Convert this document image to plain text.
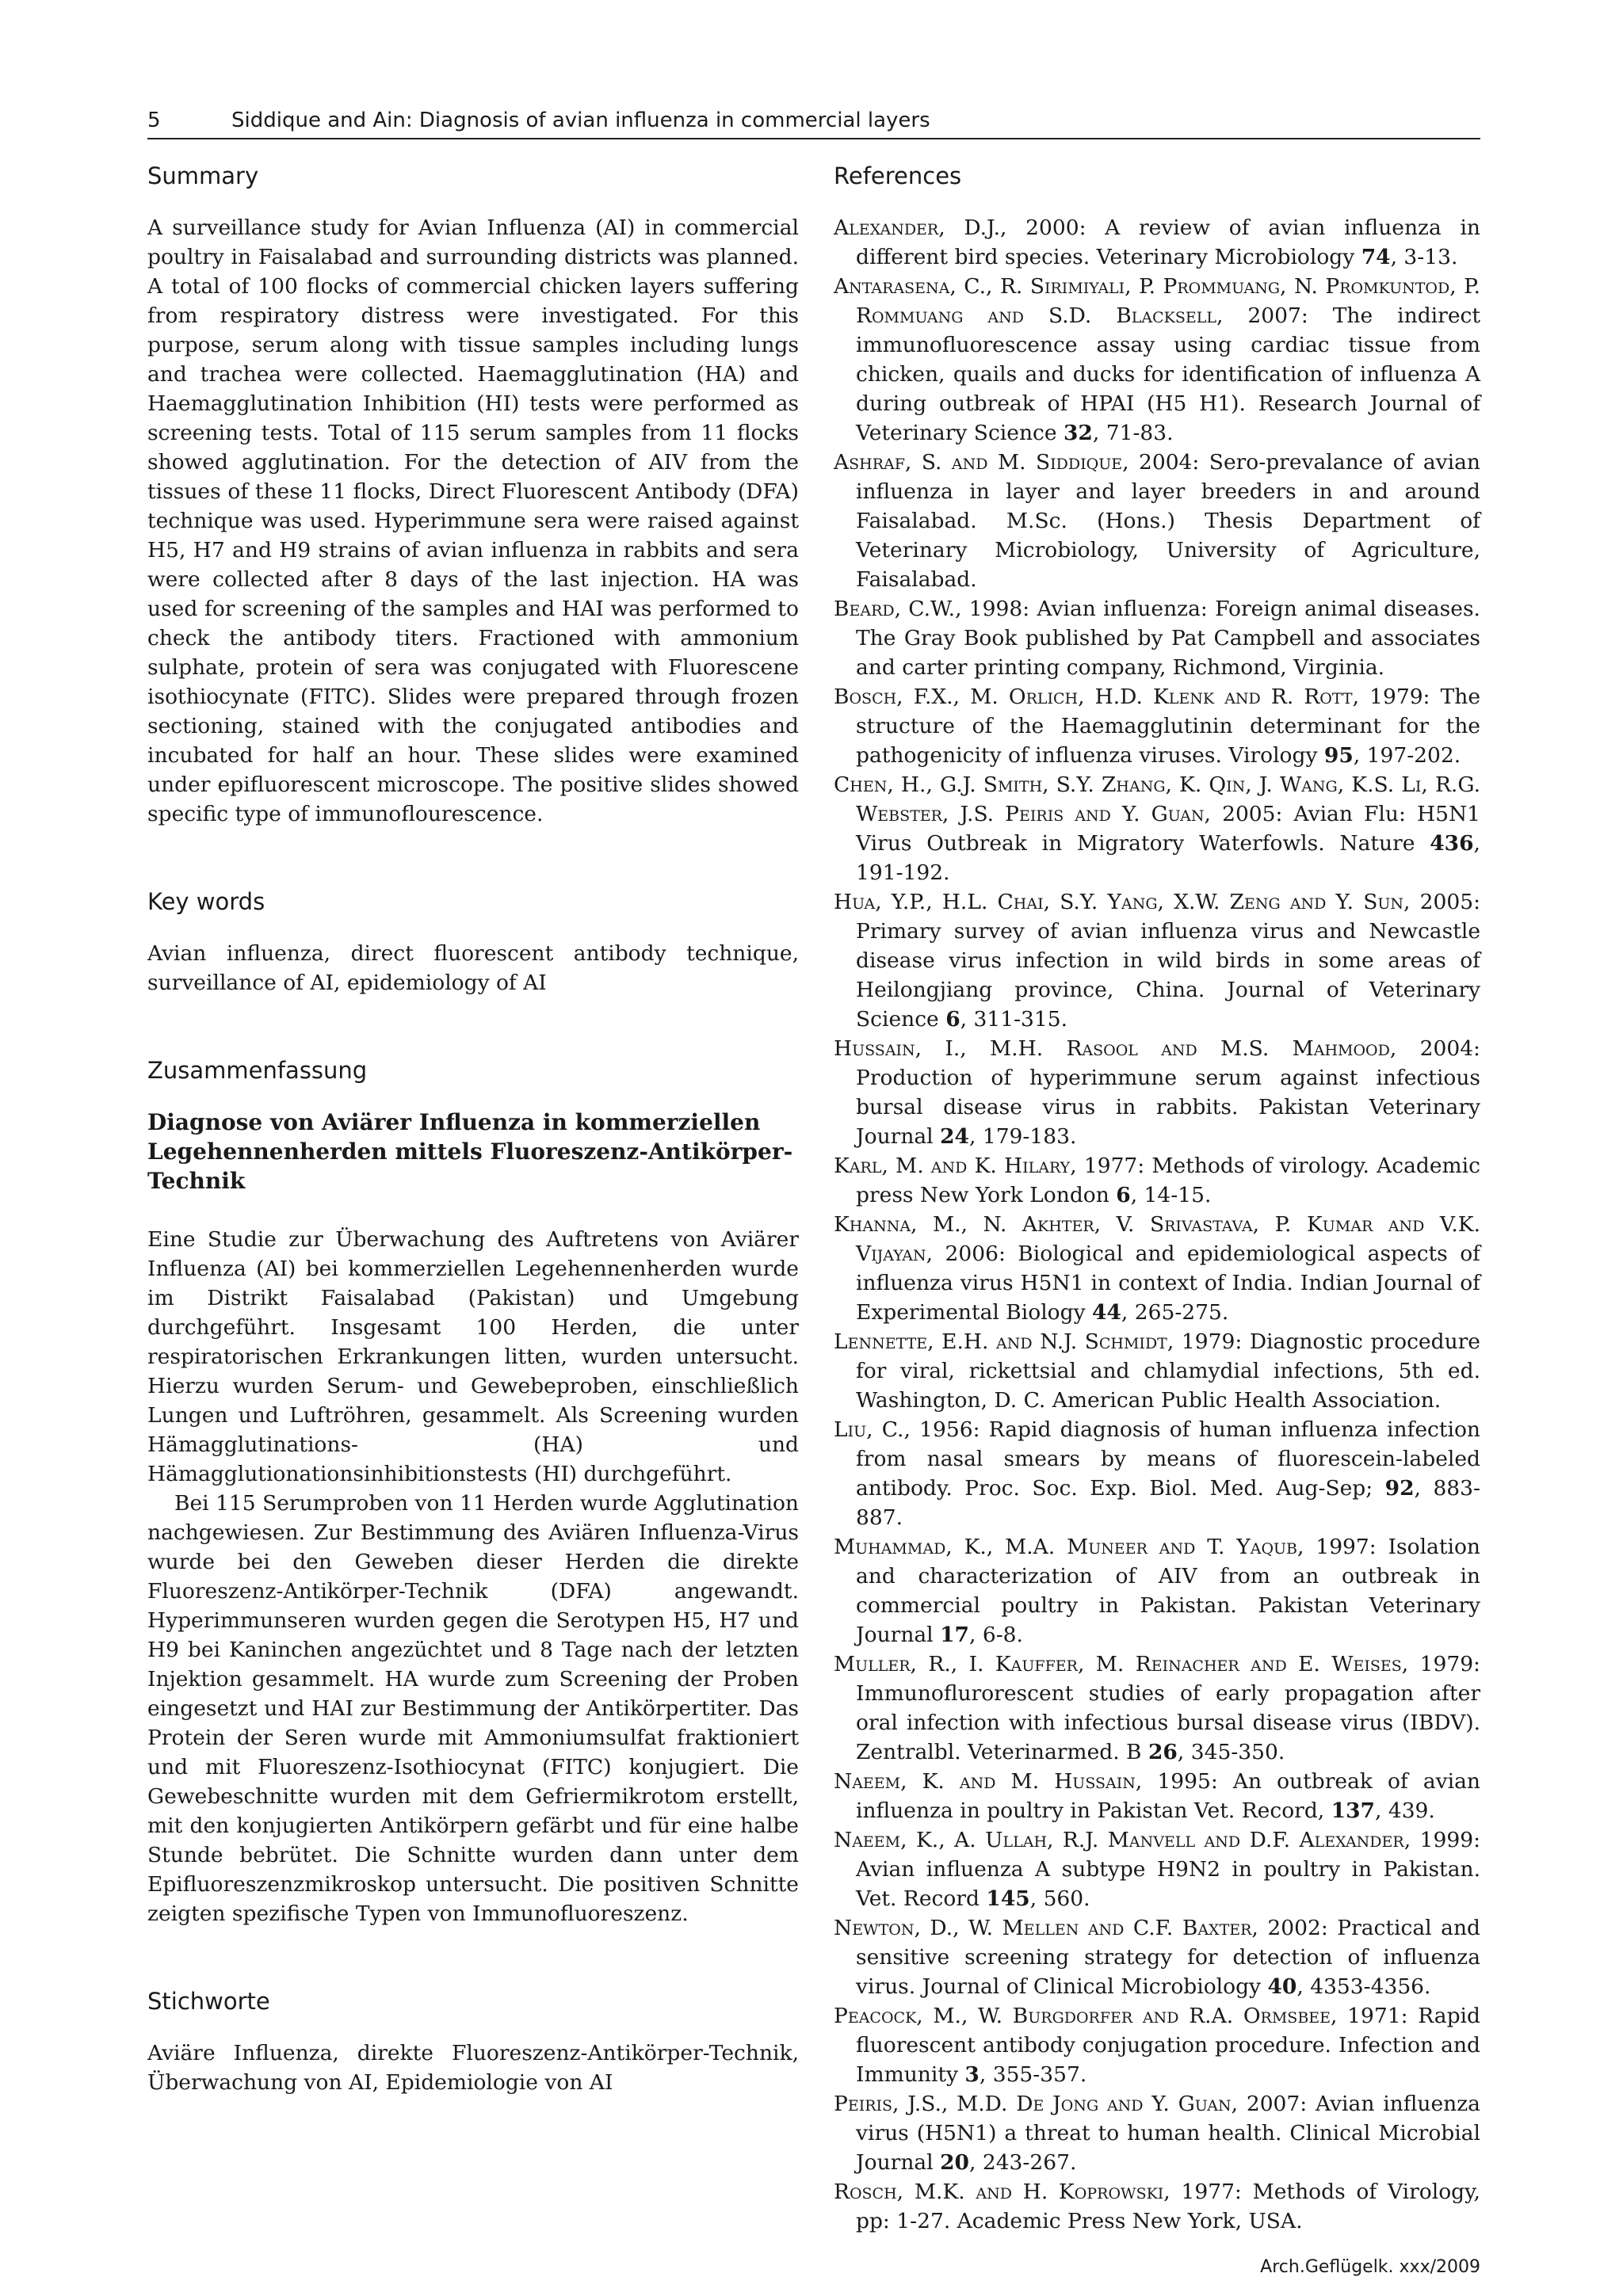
5	Siddique and Ain: Diagnosis of avian influenza in commercial layers
Summary

A surveillance study for Avian Influenza (AI) in commercial poultry in Faisalabad and surrounding districts was planned. A total of 100 flocks of commercial chicken layers suffering from respiratory distress were investigated. For this purpose, serum along with tissue samples including lungs and trachea were collected. Haemagglutination (HA) and Haemagglutination Inhibition (HI) tests were performed as screening tests. Total of 115 serum samples from 11 flocks showed agglutination. For the detection of AIV from the tissues of these 11 flocks, Direct Fluorescent Antibody (DFA) technique was used. Hyperimmune sera were raised against H5, H7 and H9 strains of avian influenza in rabbits and sera were collected after 8 days of the last injection. HA was used for screening of the samples and HAI was performed to check the antibody titers. Fractioned with ammonium sulphate, protein of sera was conjugated with Fluorescene isothiocynate (FITC). Slides were prepared through frozen sectioning, stained with the conjugated antibodies and incubated for half an hour. These slides were examined under epifluorescent microscope. The positive slides showed specific type of immunoflourescence.

Key words

Avian influenza, direct fluorescent antibody technique, surveillance of AI, epidemiology of AI

Zusammenfassung
Diagnose von Aviärer Influenza in kommerziellen Legehennenherden mittels Fluoreszenz-Antikörper-Technik

Eine Studie zur Überwachung des Auftretens von Aviärer Influenza (AI) bei kommerziellen Legehennenherden wurde im Distrikt Faisalabad (Pakistan) und Umgebung durchgeführt. Insgesamt 100 Herden, die unter respiratorischen Erkrankungen litten, wurden untersucht. Hierzu wurden Serum- und Gewebeproben, einschließlich Lungen und Luftröhren, gesammelt. Als Screening wurden Hämagglutinations- (HA) und Hämagglutionationsinhibitionstests (HI) durchgeführt.

Bei 115 Serumproben von 11 Herden wurde Agglutination nachgewiesen. Zur Bestimmung des Aviären Influenza-Virus wurde bei den Geweben dieser Herden die direkte Fluoreszenz-Antikörper-Technik (DFA) angewandt. Hyperimmunseren wurden gegen die Serotypen H5, H7 und H9 bei Kaninchen angezüchtet und 8 Tage nach der letzten Injektion gesammelt. HA wurde zum Screening der Proben eingesetzt und HAI zur Bestimmung der Antikörpertiter. Das Protein der Seren wurde mit Ammoniumsulfat fraktioniert und mit Fluoreszenz-Isothiocynat (FITC) konjugiert. Die Gewebeschnitte wurden mit dem Gefriermikrotom erstellt, mit den konjugierten Antikörpern gefärbt und für eine halbe Stunde bebrütet. Die Schnitte wurden dann unter dem Epifluoreszenzmikroskop untersucht. Die positiven Schnitte zeigten spezifische Typen von Immunofluoreszenz.

Stichworte

Aviäre Influenza, direkte Fluoreszenz-Antikörper-Technik, Überwachung von AI, Epidemiologie von AI

References

Alexander, D.J., 2000: A review of avian influenza in different bird species. Veterinary Microbiology 74, 3-13.

Antarasena, C., R. Sirimiyali, P. Prommuang, N. Promkuntod, P. Rommuang and S.D. Blacksell, 2007: The indirect immunofluorescence assay using cardiac tissue from chicken, quails and ducks for identification of influenza A during outbreak of HPAI (H5 H1). Research Journal of Veterinary Science 32, 71-83.

Ashraf, S. and M. Siddique, 2004: Sero-prevalance of avian influenza in layer and layer breeders in and around Faisalabad. M.Sc. (Hons.) Thesis Department of Veterinary Microbiology, University of Agriculture, Faisalabad.

Beard, C.W., 1998: Avian influenza: Foreign animal diseases. The Gray Book published by Pat Campbell and associates and carter printing company, Richmond, Virginia.

Bosch, F.X., M. Orlich, H.D. Klenk and R. Rott, 1979: The structure of the Haemagglutinin determinant for the pathogenicity of influenza viruses. Virology 95, 197-202.

Chen, H., G.J. Smith, S.Y. Zhang, K. Qin, J. Wang, K.S. Li, R.G. Webster, J.S. Peiris and Y. Guan, 2005: Avian Flu: H5N1 Virus Outbreak in Migratory Waterfowls. Nature 436, 191-192.

Hua, Y.P., H.L. Chai, S.Y. Yang, X.W. Zeng and Y. Sun, 2005: Primary survey of avian influenza virus and Newcastle disease virus infection in wild birds in some areas of Heilongjiang province, China. Journal of Veterinary Science 6, 311-315.

Hussain, I., M.H. Rasool and M.S. Mahmood, 2004: Production of hyperimmune serum against infectious bursal disease virus in rabbits. Pakistan Veterinary Journal 24, 179-183.

Karl, M. and K. Hilary, 1977: Methods of virology. Academic press New York London 6, 14-15.

Khanna, M., N. Akhter, V. Srivastava, P. Kumar and V.K. Vijayan, 2006: Biological and epidemiological aspects of influenza virus H5N1 in context of India. Indian Journal of Experimental Biology 44, 265-275.

Lennette, E.H. and N.J. Schmidt, 1979: Diagnostic procedure for viral, rickettsial and chlamydial infections, 5th ed. Washington, D. C. American Public Health Association.

Liu, C., 1956: Rapid diagnosis of human influenza infection from nasal smears by means of fluorescein-labeled antibody. Proc. Soc. Exp. Biol. Med. Aug-Sep; 92, 883-887.

Muhammad, K., M.A. Muneer and T. Yaqub, 1997: Isolation and characterization of AIV from an outbreak in commercial poultry in Pakistan. Pakistan Veterinary Journal 17, 6-8.

Muller, R., I. Kauffer, M. Reinacher and E. Weises, 1979: Immunoflurorescent studies of early propagation after oral infection with infectious bursal disease virus (IBDV). Zentralbl. Veterinarmed. B 26, 345-350.

Naeem, K. and M. Hussain, 1995: An outbreak of avian influenza in poultry in Pakistan Vet. Record, 137, 439.

Naeem, K., A. Ullah, R.J. Manvell and D.F. Alexander, 1999: Avian influenza A subtype H9N2 in poultry in Pakistan. Vet. Record 145, 560.

Newton, D., W. Mellen and C.F. Baxter, 2002: Practical and sensitive screening strategy for detection of influenza virus. Journal of Clinical Microbiology 40, 4353-4356.

Peacock, M., W. Burgdorfer and R.A. Ormsbee, 1971: Rapid fluorescent antibody conjugation procedure. Infection and Immunity 3, 355-357.

Peiris, J.S., M.D. De Jong and Y. Guan, 2007: Avian influenza virus (H5N1) a threat to human health. Clinical Microbial Journal 20, 243-267.

Rosch, M.K. and H. Koprowski, 1977: Methods of Virology, pp: 1-27. Academic Press New York, USA.

Arch.Geflügelk. xxx/2009
